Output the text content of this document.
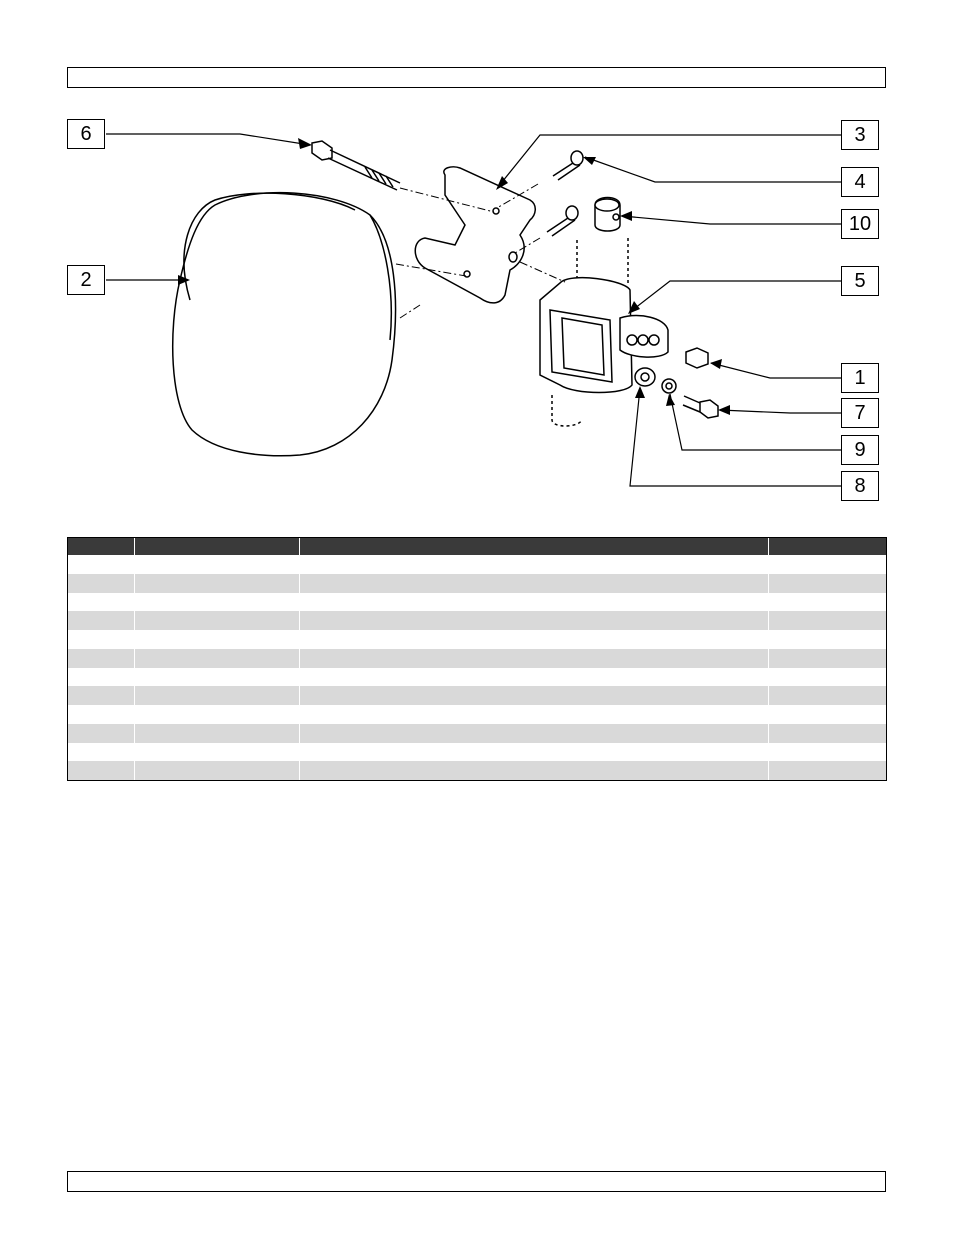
6
2
3
4
10
5
1
7
9
8
